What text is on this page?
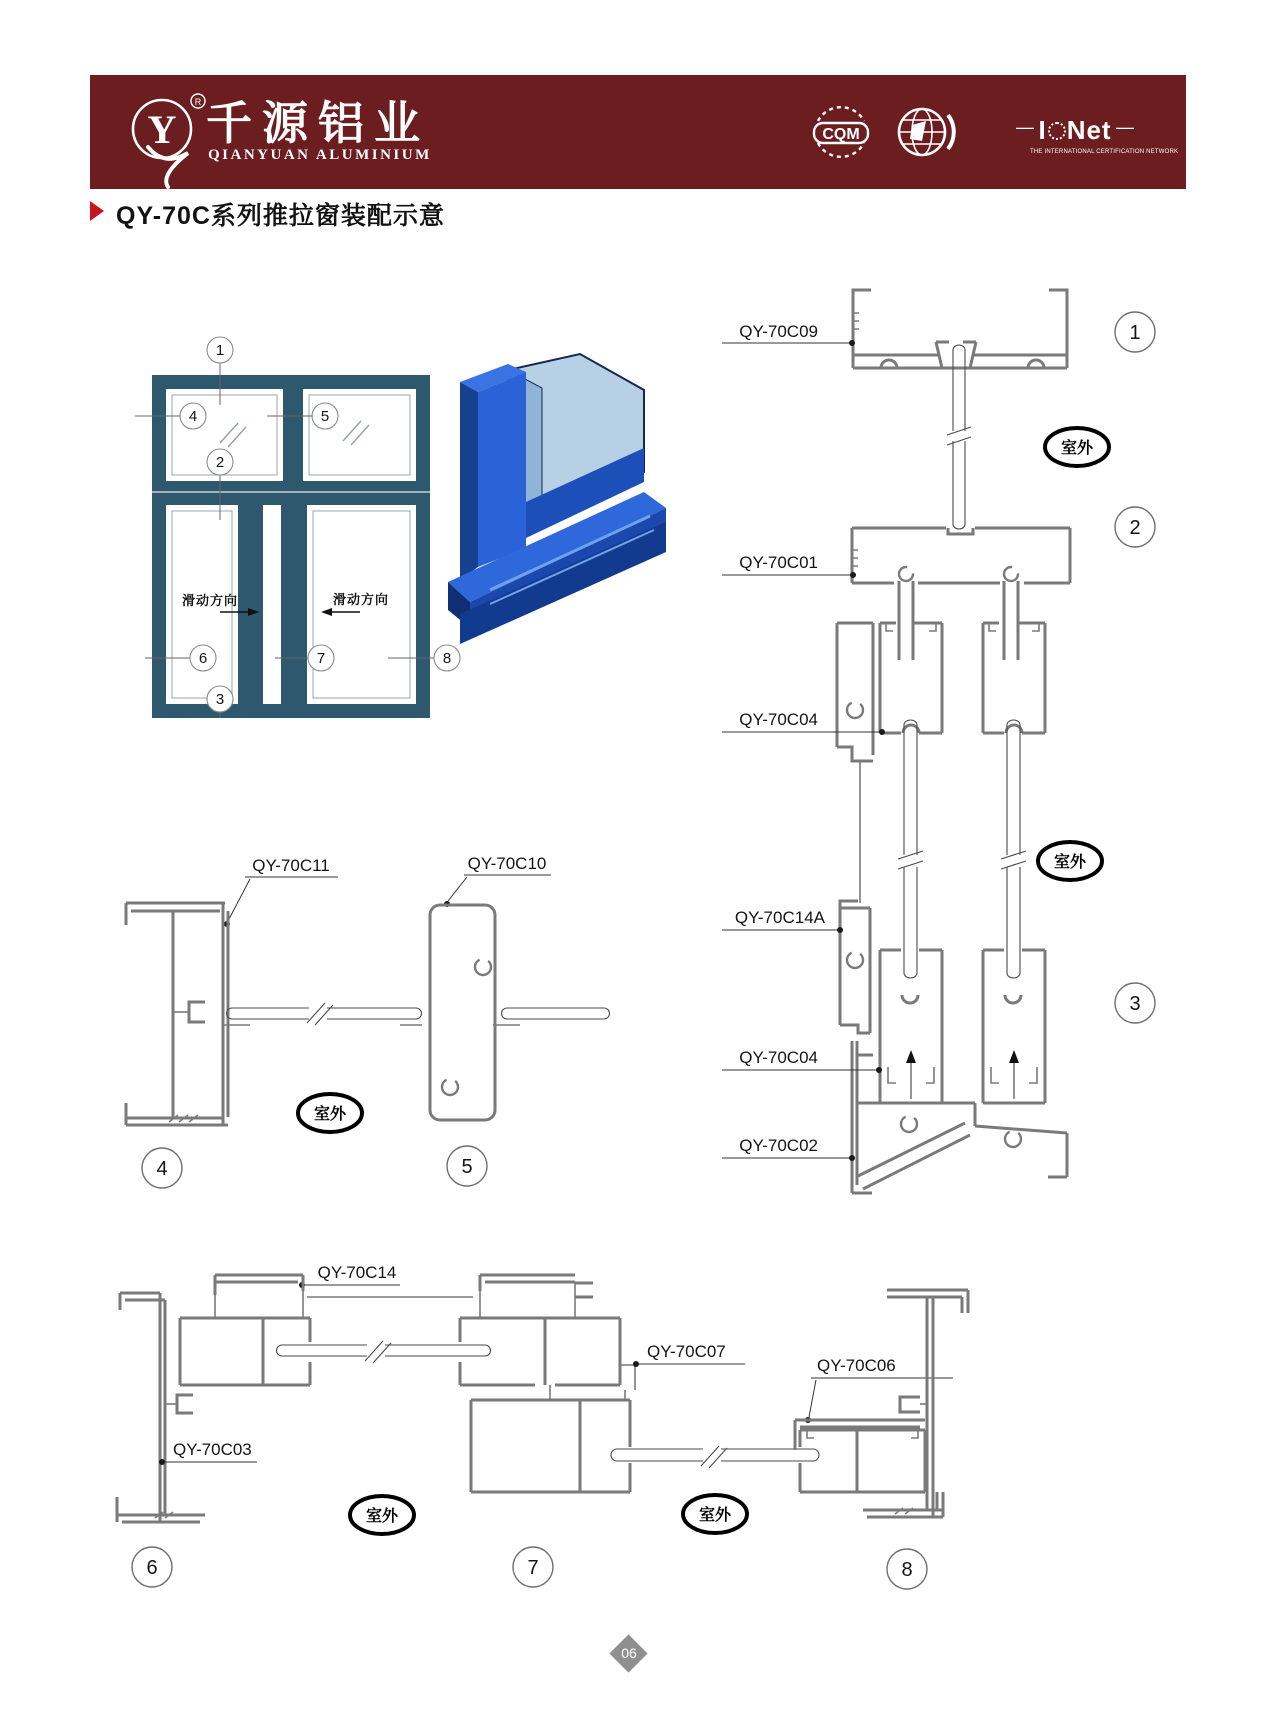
Y
R 千源铝业
QIANYUAN ALUMINIUM
CQM	— I Net —
THE INTERNATIONAL CERTIFICATION NETWORK
QY-70C系列推拉窗装配示意
滑动方向	滑动方向
1
4	5
2
6	7	8
3
QY-70C09
QY-70C01
QY-70C04
QY-70C14A
QY-70C04
QY-70C02
室外
室外
1
2
3
QY-70C11	QY-70C10
室外
4	5
QY-70C14
QY-70C03
QY-70C07
QY-70C06
室外	室外
6	7	8
06
